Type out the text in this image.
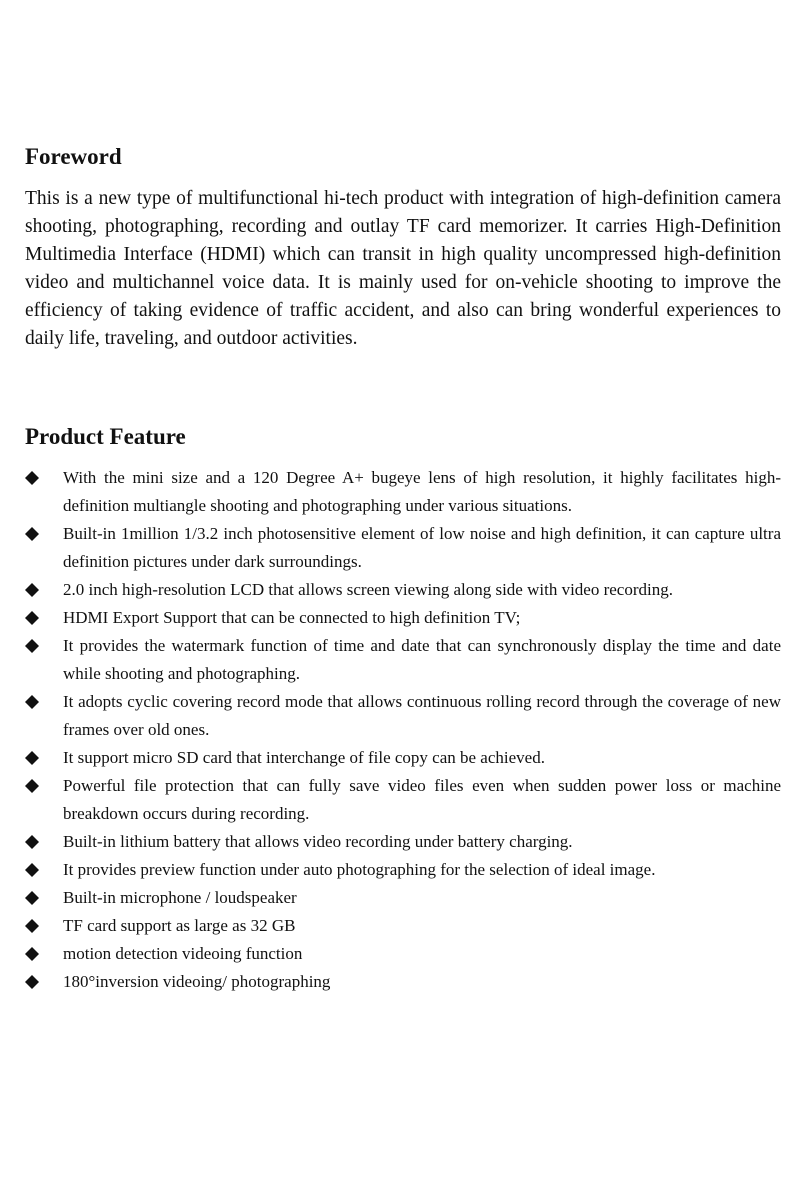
Foreword

This is a new type of multifunctional hi-tech product with integration of high-definition camera shooting, photographing, recording and outlay TF card memorizer. It carries High-Definition Multimedia Interface (HDMI) which can transit in high quality uncompressed high-definition video and multichannel voice data. It is mainly used for on-vehicle shooting to improve the efficiency of taking evidence of traffic accident, and also can bring wonderful experiences to daily life, traveling, and outdoor activities.

Product Feature
With the mini size and a 120 Degree A+ bugeye lens of high resolution, it highly facilitates high-definition multiangle shooting and photographing under various situations.
Built-in 1million 1/3.2 inch photosensitive element of low noise and high definition, it can capture ultra definition pictures under dark surroundings.
2.0 inch high-resolution LCD that allows screen viewing along side with video recording.
HDMI Export Support that can be connected to high definition TV;
It provides the watermark function of time and date that can synchronously display the time and date while shooting and photographing.
It adopts cyclic covering record mode that allows continuous rolling record through the coverage of new frames over old ones.
It support micro SD card that interchange of file copy can be achieved.
Powerful file protection that can fully save video files even when sudden power loss or machine breakdown occurs during recording.
Built-in lithium battery that allows video recording under battery charging.
It provides preview function under auto photographing for the selection of ideal image.
Built-in microphone / loudspeaker
TF card support as large as 32 GB
motion detection videoing function
180°inversion videoing/ photographing
